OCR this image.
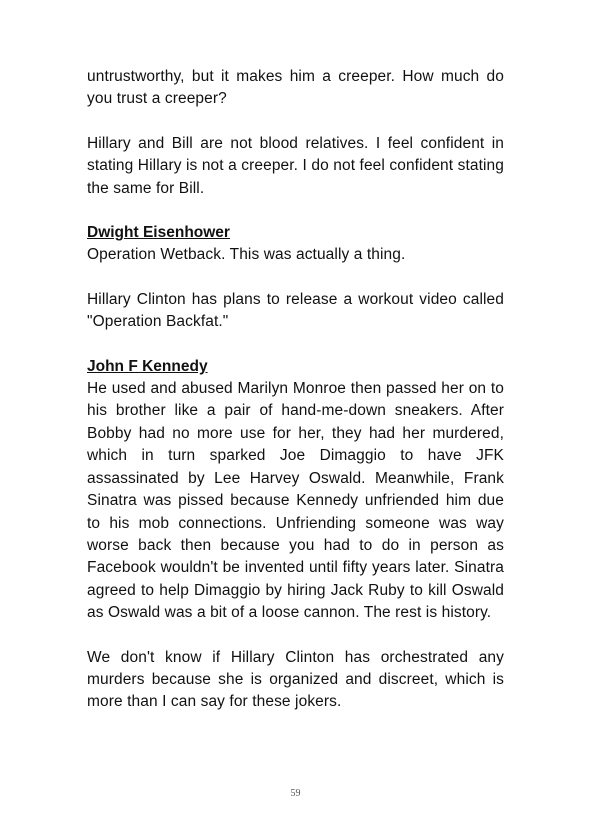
untrustworthy, but it makes him a creeper. How much do you trust a creeper?

Hillary and Bill are not blood relatives. I feel confident in stating Hillary is not a creeper. I do not feel confident stating the same for Bill.

Dwight Eisenhower

Operation Wetback. This was actually a thing.

Hillary Clinton has plans to release a workout video called "Operation Backfat."

John F Kennedy

He used and abused Marilyn Monroe then passed her on to his brother like a pair of hand-me-down sneakers. After Bobby had no more use for her, they had her murdered, which in turn sparked Joe Dimaggio to have JFK assassinated by Lee Harvey Oswald. Meanwhile, Frank Sinatra was pissed because Kennedy unfriended him due to his mob connections. Unfriending someone was way worse back then because you had to do in person as Facebook wouldn't be invented until fifty years later. Sinatra agreed to help Dimaggio by hiring Jack Ruby to kill Oswald as Oswald was a bit of a loose cannon. The rest is history.

We don't know if Hillary Clinton has orchestrated any murders because she is organized and discreet, which is more than I can say for these jokers.

59
